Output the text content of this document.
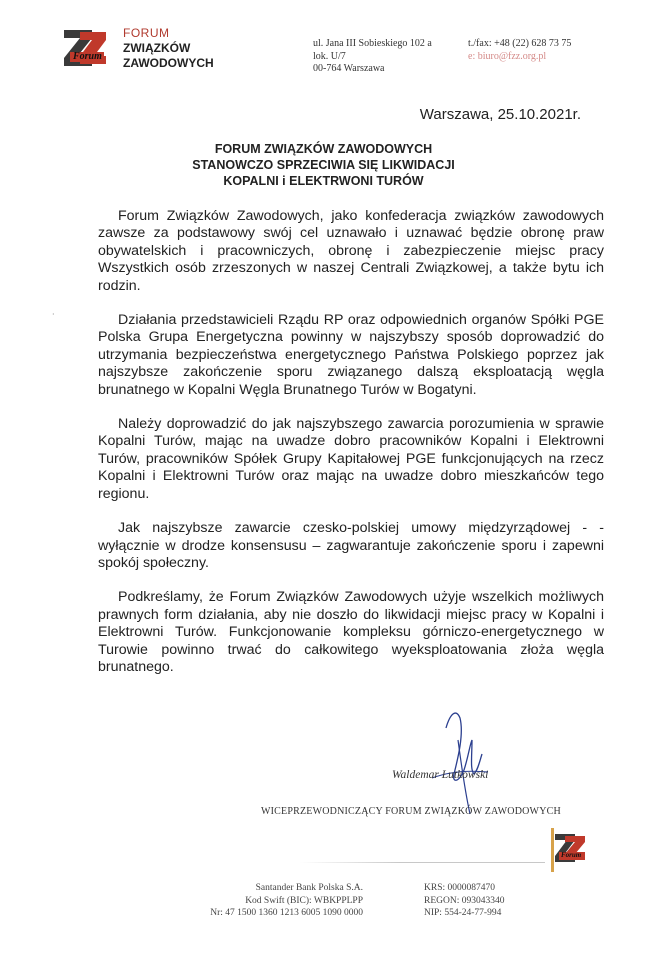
Forum
FORUM
ZWIĄZKÓW
ZAWODOWYCH
ul. Jana III Sobieskiego 102 a
lok. U/7
00-764 Warszawa
t./fax: +48 (22) 628 73 75
e: biuro@fzz.org.pl
Warszawa, 25.10.2021r.
FORUM ZWIĄZKÓW ZAWODOWYCH
STANOWCZO SPRZECIWIA SIĘ LIKWIDACJI
KOPALNI i ELEKTRWONI TURÓW
·

Forum Związków Zawodowych, jako konfederacja związków zawodowych zawsze za podstawowy swój cel uznawało i uznawać będzie obronę praw obywatelskich i pracowniczych, obronę i zabezpieczenie miejsc pracy Wszystkich osób zrzeszonych w naszej Centrali Związkowej, a także bytu ich rodzin.

Działania przedstawicieli Rządu RP oraz odpowiednich organów Spółki PGE Polska Grupa Energetyczna powinny w najszybszy sposób doprowadzić do utrzymania bezpieczeństwa energetycznego Państwa Polskiego poprzez jak najszybsze zakończenie sporu związanego dalszą eksploatacją węgla brunatnego w Kopalni Węgla Brunatnego Turów w Bogatyni.

Należy doprowadzić do jak najszybszego zawarcia porozumienia w sprawie Kopalni Turów, mając na uwadze dobro pracowników Kopalni i Elektrowni Turów, pracowników Spółek Grupy Kapitałowej PGE funkcjonujących na rzecz Kopalni i Elektrowni Turów oraz mając na uwadze dobro mieszkańców tego regionu.

Jak najszybsze zawarcie czesko-polskiej umowy międzyrządowej - - wyłącznie w drodze konsensusu – zagwarantuje zakończenie sporu i zapewni spokój społeczny.

Podkreślamy, że Forum Związków Zawodowych użyje wszelkich możliwych prawnych form działania, aby nie doszło do likwidacji miejsc pracy w Kopalni i Elektrowni Turów. Funkcjonowanie kompleksu górniczo-energetycznego w Turowie powinno trwać do całkowitego wyeksploatowania złoża węgla brunatnego.

Waldemar Lutkowski
WICEPRZEWODNICZĄCY FORUM ZWIĄZKÓW ZAWODOWYCH
Forum
Santander Bank Polska S.A.
Kod Swift (BIC): WBKPPLPP
Nr: 47 1500 1360 1213 6005 1090 0000
KRS: 0000087470
REGON: 093043340
NIP: 554-24-77-994
